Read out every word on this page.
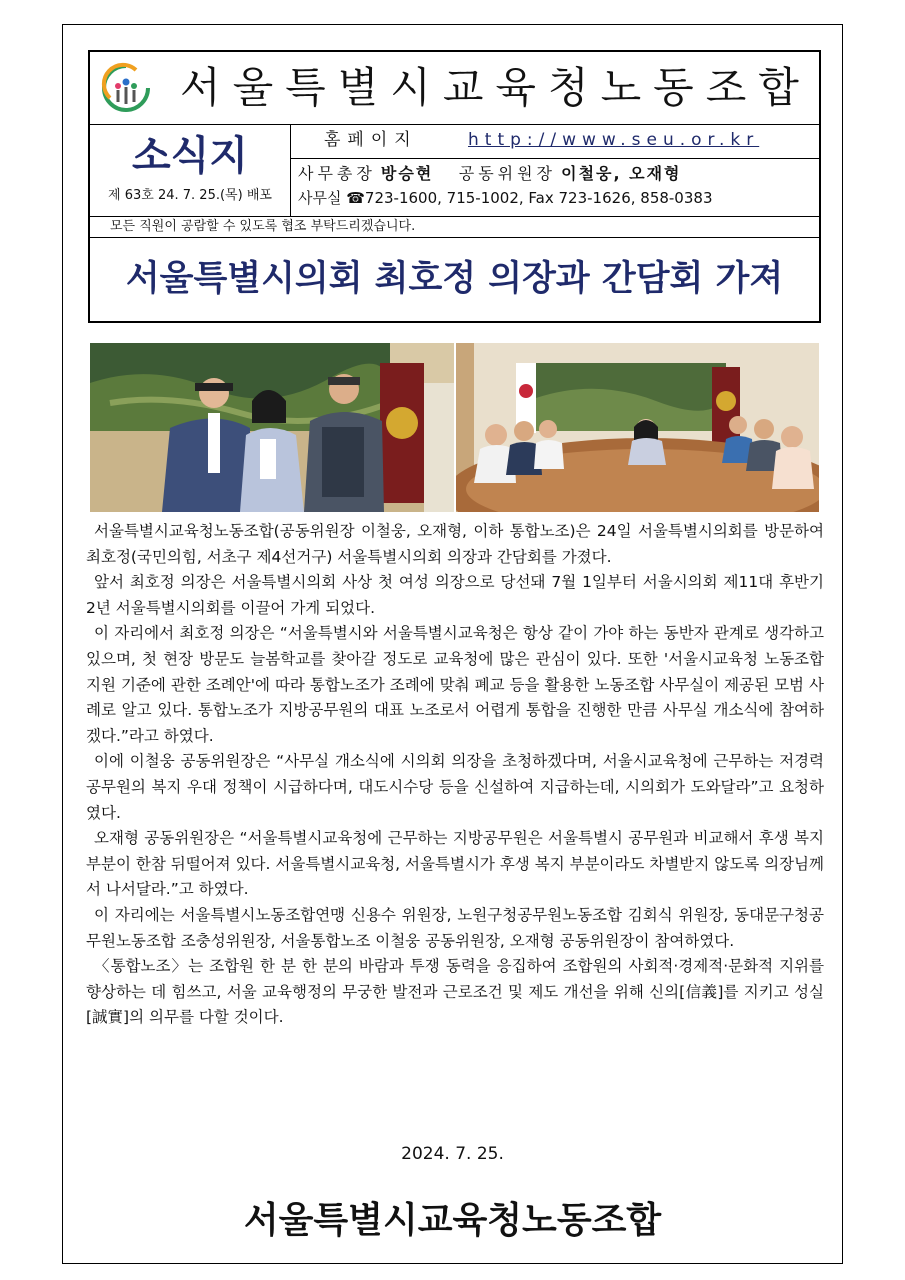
서울특별시교육청노동조합
소식지
제 63호 24. 7. 25.(목) 배포
홈페이지	http://www.seu.or.kr
사무총장 방승현 공동위원장 이철웅, 오재형
사무실 ☎723-1600, 715-1002, Fax 723-1626, 858-0383
모든 직원이 공람할 수 있도록 협조 부탁드리겠습니다.
서울특별시의회 최호정 의장과 간담회 가져

서울특별시교육청노동조합(공동위원장 이철웅, 오재형, 이하 통합노조)은 24일 서울특별시의회를 방문하여 최호정(국민의힘, 서초구 제4선거구) 서울특별시의회 의장과 간담회를 가졌다.

앞서 최호정 의장은 서울특별시의회 사상 첫 여성 의장으로 당선돼 7월 1일부터 서울시의회 제11대 후반기 2년 서울특별시의회를 이끌어 가게 되었다.

이 자리에서 최호정 의장은 “서울특별시와 서울특별시교육청은 항상 같이 가야 하는 동반자 관계로 생각하고 있으며, 첫 현장 방문도 늘봄학교를 찾아갈 정도로 교육청에 많은 관심이 있다. 또한 '서울시교육청 노동조합 지원 기준에 관한 조례안'에 따라 통합노조가 조례에 맞춰 폐교 등을 활용한 노동조합 사무실이 제공된 모범 사례로 알고 있다. 통합노조가 지방공무원의 대표 노조로서 어렵게 통합을 진행한 만큼 사무실 개소식에 참여하겠다.”라고 하였다.

이에 이철웅 공동위원장은 “사무실 개소식에 시의회 의장을 초청하겠다며, 서울시교육청에 근무하는 저경력공무원의 복지 우대 정책이 시급하다며, 대도시수당 등을 신설하여 지급하는데, 시의회가 도와달라”고 요청하였다.

오재형 공동위원장은 “서울특별시교육청에 근무하는 지방공무원은 서울특별시 공무원과 비교해서 후생 복지 부분이 한참 뒤떨어져 있다. 서울특별시교육청, 서울특별시가 후생 복지 부분이라도 차별받지 않도록 의장님께서 나서달라.”고 하였다.

이 자리에는 서울특별시노동조합연맹 신용수 위원장, 노원구청공무원노동조합 김회식 위원장, 동대문구청공무원노동조합 조충성위원장, 서울통합노조 이철웅 공동위원장, 오재형 공동위원장이 참여하였다.

〈통합노조〉는 조합원 한 분 한 분의 바람과 투쟁 동력을 응집하여 조합원의 사회적·경제적·문화적 지위를 향상하는 데 힘쓰고, 서울 교육행정의 무궁한 발전과 근로조건 및 제도 개선을 위해 신의[信義]를 지키고 성실[誠實]의 의무를 다할 것이다.

2024. 7. 25.
서울특별시교육청노동조합
